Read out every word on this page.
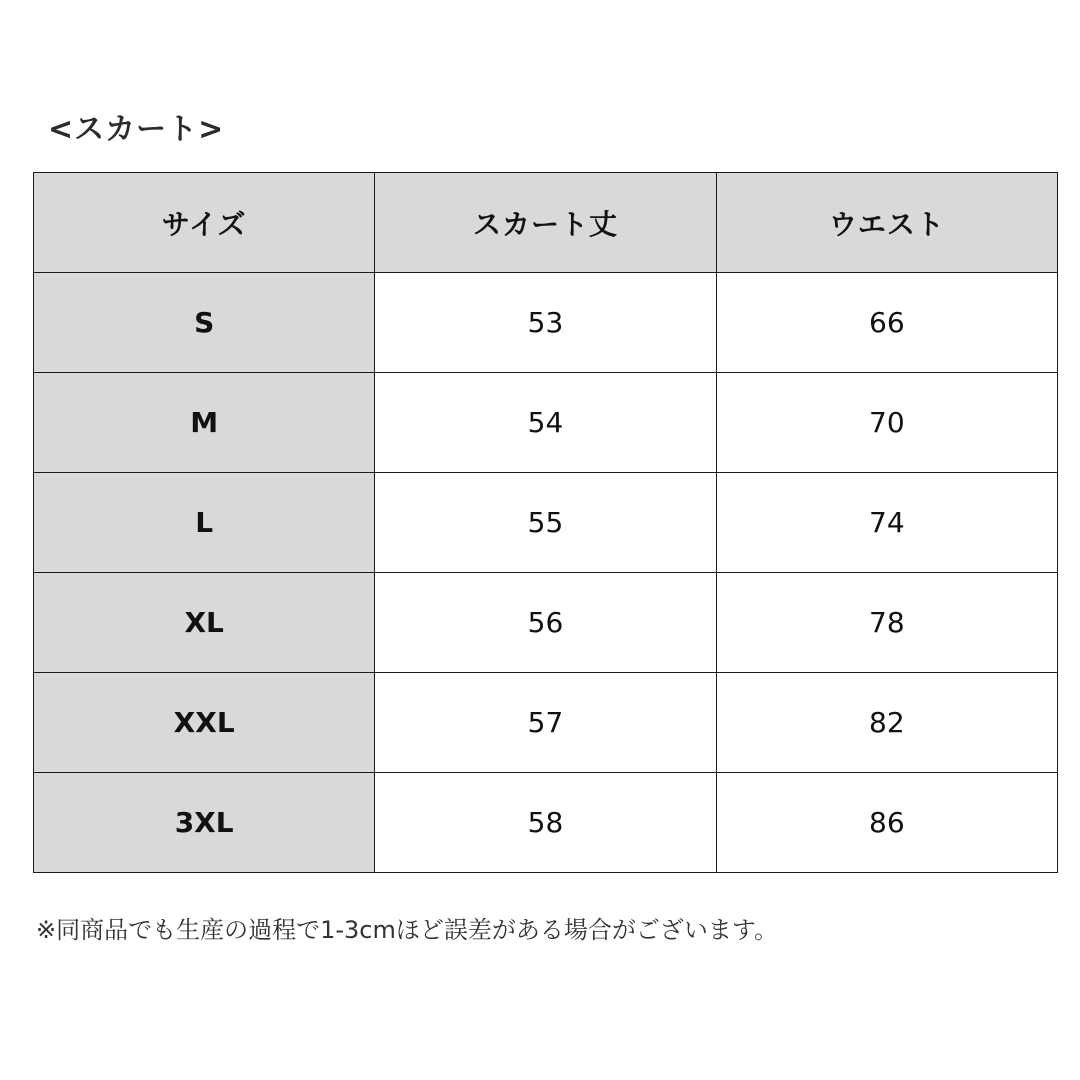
<スカート>
サイズ	スカート丈	ウエスト
S	53	66
M	54	70
L	55	74
XL	56	78
XXL	57	82
3XL	58	86
※同商品でも生産の過程で1-3cmほど誤差がある場合がございます。
